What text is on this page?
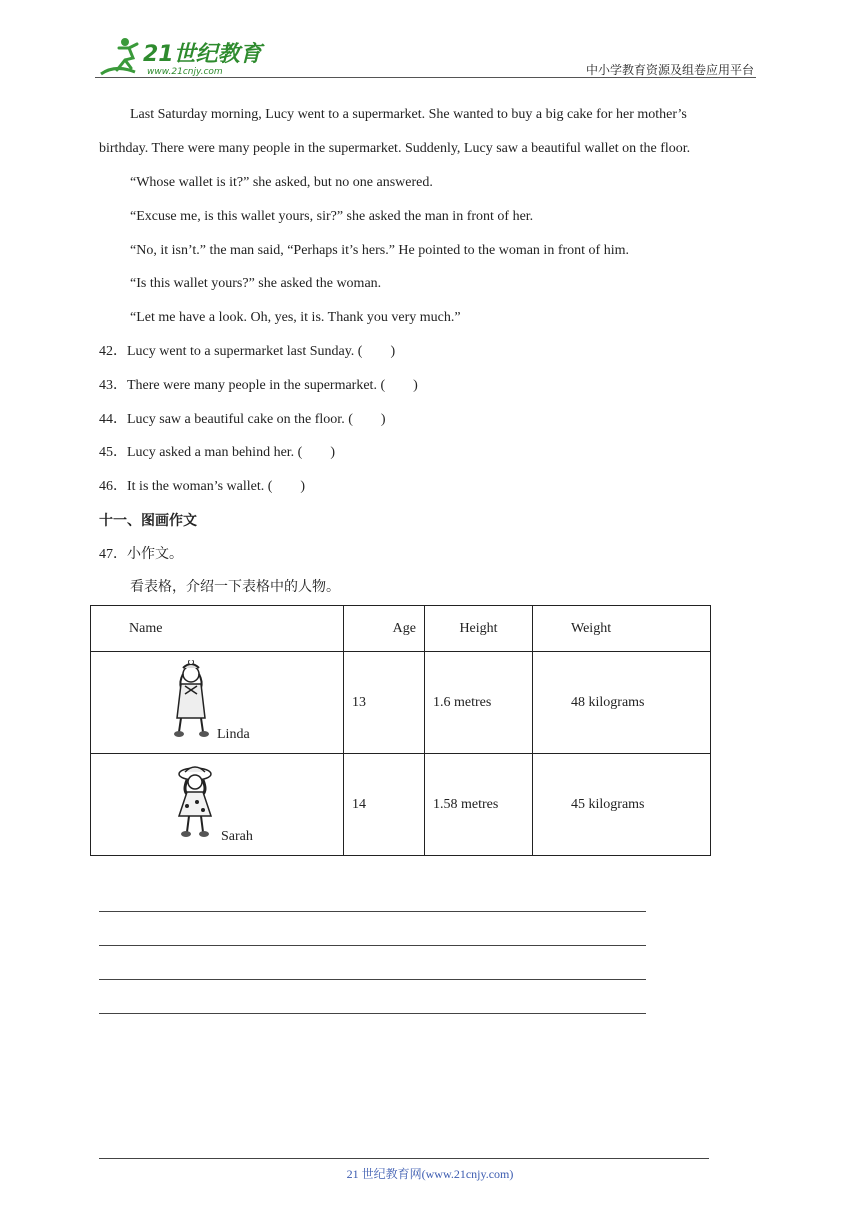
21世纪教育
www.21cnjy.com	中小学教育资源及组卷应用平台
Last Saturday morning, Lucy went to a supermarket. She wanted to buy a big cake for her mother’s
birthday. There were many people in the supermarket. Suddenly, Lucy saw a beautiful wallet on the floor.
“Whose wallet is it?” she asked, but no one answered.
“Excuse me, is this wallet yours, sir?” she asked the man in front of her.
“No, it isn’t.” the man said, “Perhaps it’s hers.” He pointed to the woman in front of him.
“Is this wallet yours?” she asked the woman.
“Let me have a look. Oh, yes, it is. Thank you very much.”
42．Lucy went to a supermarket last Sunday. (　　)
43．There were many people in the supermarket. (　　)
44．Lucy saw a beautiful cake on the floor. (　　)
45．Lucy asked a man behind her. (　　)
46．It is the woman’s wallet. (　　)
十一、图画作文
47．小作文。
看表格，介绍一下表格中的人物。
Name	Age	Height	Weight

Linda	13	1.6 metres	48 kilograms

Sarah	14	1.58 metres	45 kilograms
21 世纪教育网(www.21cnjy.com)
